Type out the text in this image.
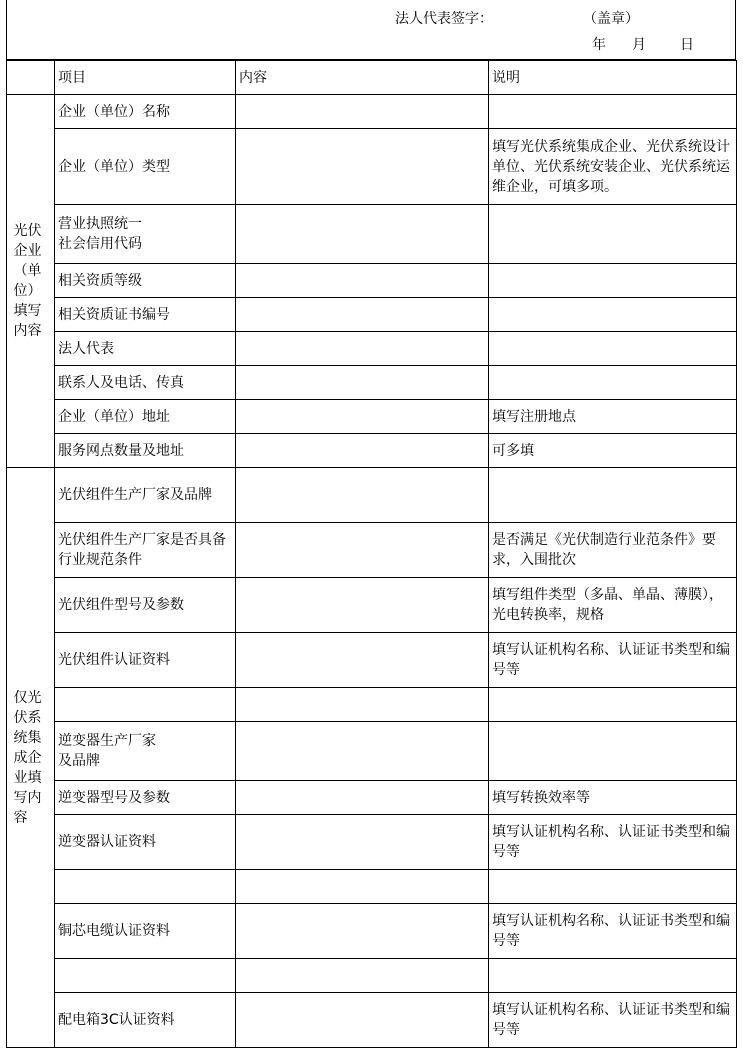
法人代表签字：	（盖章）
年 月 日
	项目	内容	说明
光伏企业（单位）填写内容	企业（单位）名称		
	企业（单位）类型		填写光伏系统集成企业、光伏系统设计单位、光伏系统安装企业、光伏系统运维企业，可填多项。
	营业执照统一
社会信用代码		
	相关资质等级		
	相关资质证书编号		
	法人代表		
	联系人及电话、传真		
	企业（单位）地址		填写注册地点
	服务网点数量及地址		可多填
仅光伏系统集成企业填写内容	光伏组件生产厂家及品牌		
	光伏组件生产厂家是否具备行业规范条件		是否满足《光伏制造行业范条件》要求，入围批次
	光伏组件型号及参数		填写组件类型（多晶、单晶、薄膜），光电转换率，规格
	光伏组件认证资料		填写认证机构名称、认证证书类型和编号等

	逆变器生产厂家
及品牌		
	逆变器型号及参数		填写转换效率等
	逆变器认证资料		填写认证机构名称、认证证书类型和编号等

	铜芯电缆认证资料		填写认证机构名称、认证证书类型和编号等

	配电箱3C认证资料		填写认证机构名称、认证证书类型和编号等
